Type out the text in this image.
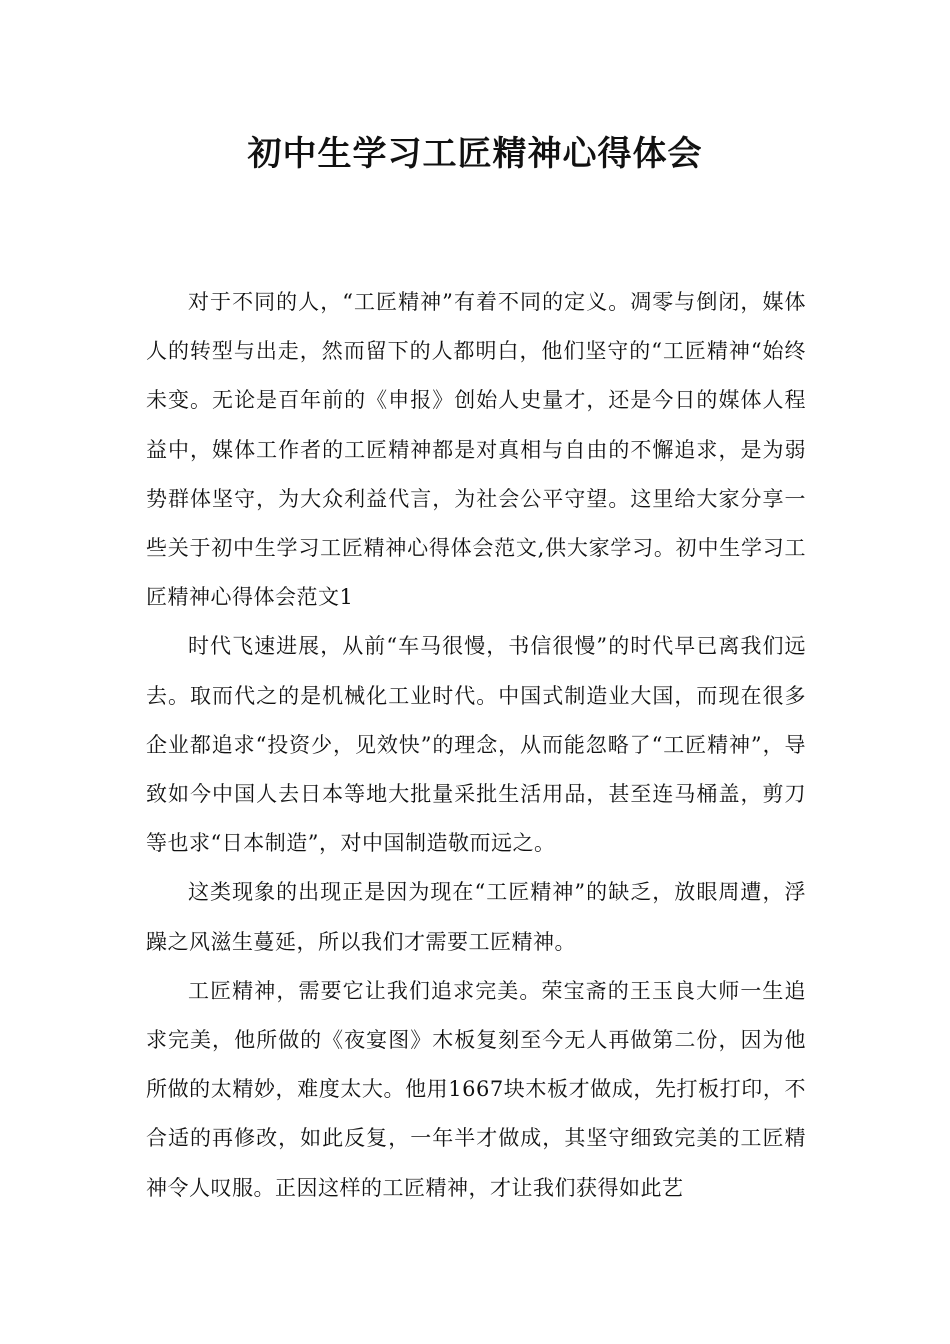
初中生学习工匠精神心得体会

对于不同的人，“工匠精神”有着不同的定义。凋零与倒闭，媒体人的转型与出走，然而留下的人都明白，他们坚守的“工匠精神“始终未变。无论是百年前的《申报》创始人史量才，还是今日的媒体人程益中，媒体工作者的工匠精神都是对真相与自由的不懈追求，是为弱势群体坚守，为大众利益代言，为社会公平守望。这里给大家分享一些关于初中生学习工匠精神心得体会范文,供大家学习。初中生学习工匠精神心得体会范文1

时代飞速进展，从前“车马很慢，书信很慢”的时代早已离我们远去。取而代之的是机械化工业时代。中国式制造业大国，而现在很多企业都追求“投资少，见效快”的理念，从而能忽略了“工匠精神”，导致如今中国人去日本等地大批量采批生活用品，甚至连马桶盖，剪刀等也求“日本制造”，对中国制造敬而远之。

这类现象的出现正是因为现在“工匠精神”的缺乏，放眼周遭，浮躁之风滋生蔓延，所以我们才需要工匠精神。

工匠精神，需要它让我们追求完美。荣宝斋的王玉良大师一生追求完美，他所做的《夜宴图》木板复刻至今无人再做第二份，因为他所做的太精妙，难度太大。他用1667块木板才做成，先打板打印，不合适的再修改，如此反复，一年半才做成，其坚守细致完美的工匠精神令人叹服。正因这样的工匠精神，才让我们获得如此艺
